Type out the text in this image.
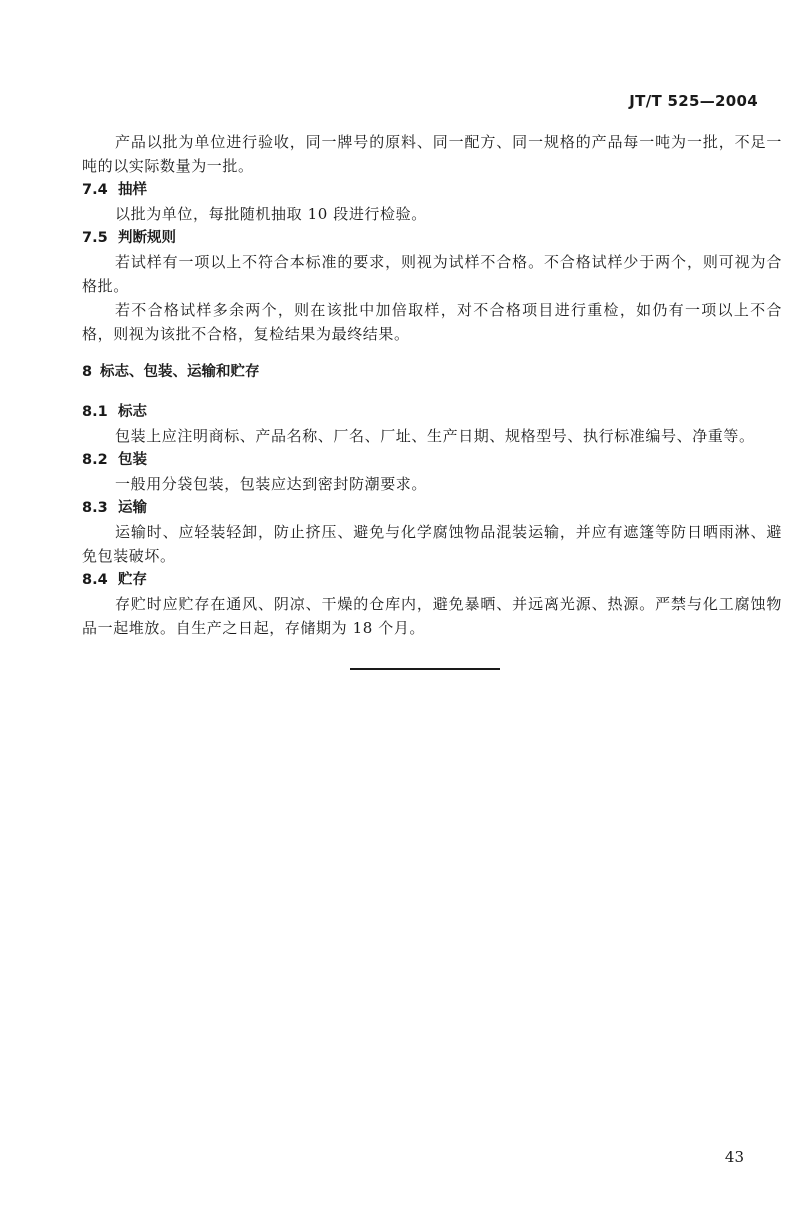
JT/T 525—2004

产品以批为单位进行验收，同一牌号的原料、同一配方、同一规格的产品每一吨为一批，不足一吨的以实际数量为一批。

7.4 抽样

以批为单位，每批随机抽取 10 段进行检验。

7.5 判断规则

若试样有一项以上不符合本标准的要求，则视为试样不合格。不合格试样少于两个，则可视为合格批。

若不合格试样多余两个，则在该批中加倍取样，对不合格项目进行重检，如仍有一项以上不合格，则视为该批不合格，复检结果为最终结果。

8 标志、包装、运输和贮存
8.1 标志

包装上应注明商标、产品名称、厂名、厂址、生产日期、规格型号、执行标准编号、净重等。

8.2 包装

一般用分袋包装，包装应达到密封防潮要求。

8.3 运输

运输时、应轻装轻卸，防止挤压、避免与化学腐蚀物品混装运输，并应有遮篷等防日晒雨淋、避免包装破坏。

8.4 贮存

存贮时应贮存在通风、阴凉、干燥的仓库内，避免暴晒、并远离光源、热源。严禁与化工腐蚀物品一起堆放。自生产之日起，存储期为 18 个月。

43
